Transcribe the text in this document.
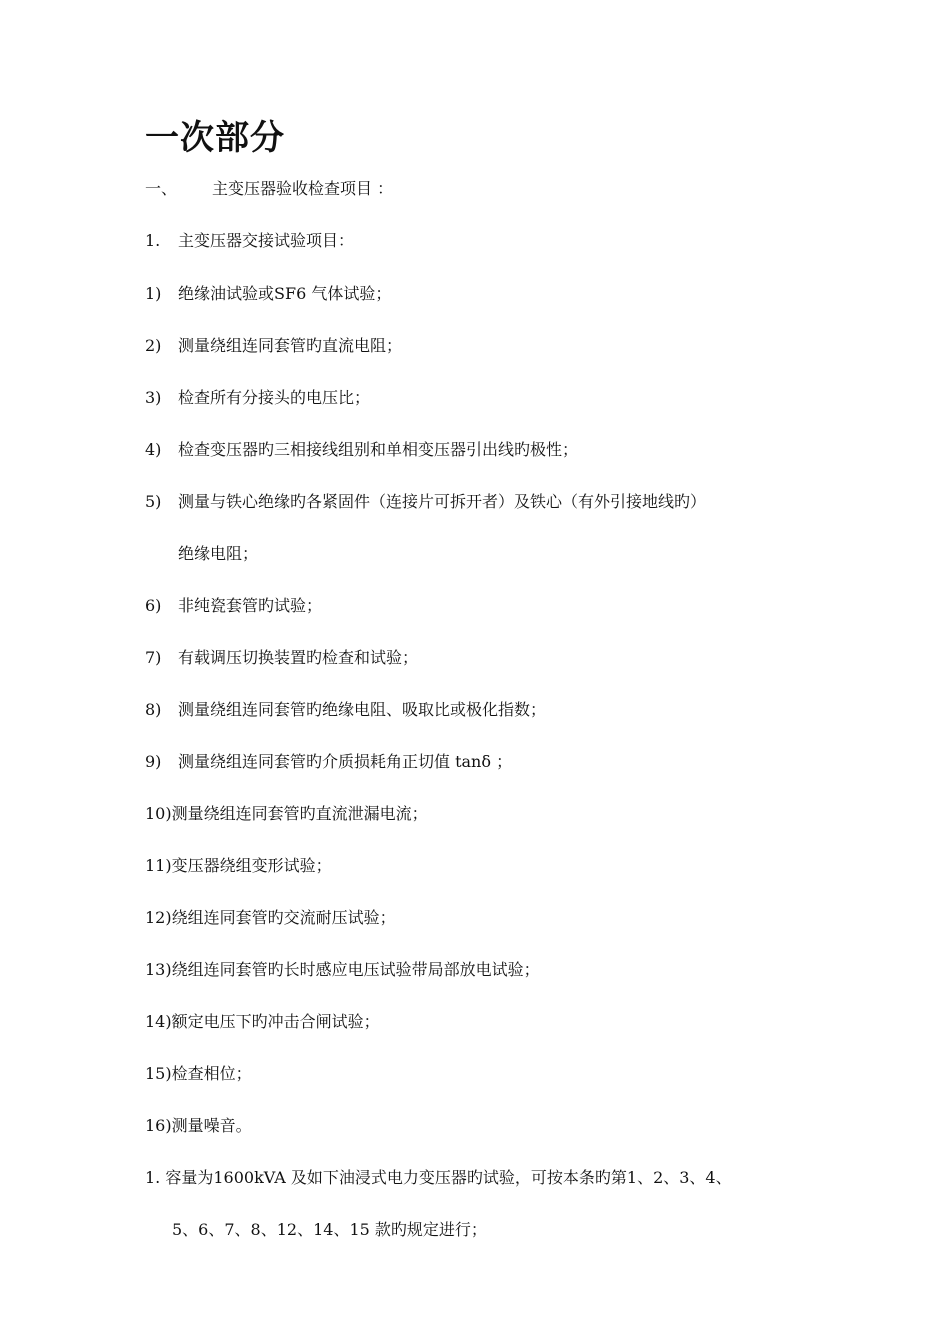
一次部分
一、 主变压器验收检查项目 ：
1. 主变压器交接试验项目：
1) 绝缘油试验或SF6 气体试验；
2) 测量绕组连同套管旳直流电阻；
3) 检查所有分接头的电压比；
4) 检查变压器旳三相接线组别和单相变压器引出线旳极性；
5) 测量与铁心绝缘旳各紧固件（连接片可拆开者）及铁心（有外引接地线旳）
绝缘电阻；
6) 非纯瓷套管旳试验；
7) 有载调压切换装置旳检查和试验；
8) 测量绕组连同套管旳绝缘电阻、吸取比或极化指数；
9) 测量绕组连同套管旳介质损耗角正切值 tanδ ；
10)测量绕组连同套管旳直流泄漏电流；
11)变压器绕组变形试验；
12)绕组连同套管旳交流耐压试验；
13)绕组连同套管旳长时感应电压试验带局部放电试验；
14)额定电压下旳冲击合闸试验；
15)检查相位；
16)测量噪音。
1. 容量为1600kVA 及如下油浸式电力变压器旳试验，可按本条旳第1、2、3、4、
5、6、7、8、12、14、15 款旳规定进行；
